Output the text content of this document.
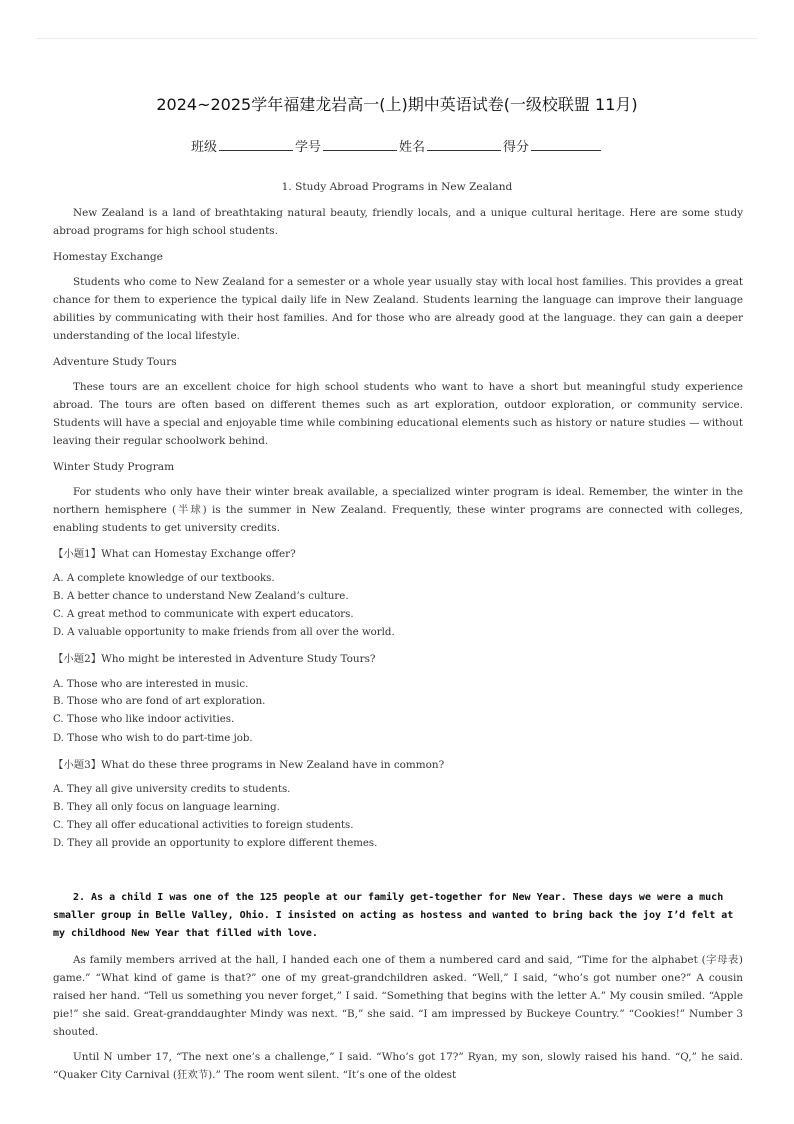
2024~2025学年福建龙岩高一(上)期中英语试卷(一级校联盟 11月)
班级	学号	姓名	得分
1. Study Abroad Programs in New Zealand
New Zealand is a land of breathtaking natural beauty, friendly locals, and a unique cultural heritage. Here are some study abroad programs for high school students.
Homestay Exchange
Students who come to New Zealand for a semester or a whole year usually stay with local host families. This provides a great chance for them to experience the typical daily life in New Zealand. Students learning the language can improve their language abilities by communicating with their host families. And for those who are already good at the language. they can gain a deeper understanding of the local lifestyle.
Adventure Study Tours
These tours are an excellent choice for high school students who want to have a short but meaningful study experience abroad. The tours are often based on different themes such as art exploration, outdoor exploration, or community service. Students will have a special and enjoyable time while combining educational elements such as history or nature studies — without leaving their regular schoolwork behind.
Winter Study Program
For students who only have their winter break available, a specialized winter program is ideal. Remember, the winter in the northern hemisphere (半球) is the summer in New Zealand. Frequently, these winter programs are connected with colleges, enabling students to get university credits.
【小题1】What can Homestay Exchange offer?
A. A complete knowledge of our textbooks.
B. A better chance to understand New Zealand’s culture.
C. A great method to communicate with expert educators.
D. A valuable opportunity to make friends from all over the world.
【小题2】Who might be interested in Adventure Study Tours?
A. Those who are interested in music.
B. Those who are fond of art exploration.
C. Those who like indoor activities.
D. Those who wish to do part-time job.
【小题3】What do these three programs in New Zealand have in common?
A. They all give university credits to students.
B. They all only focus on language learning.
C. They all offer educational activities to foreign students.
D. They all provide an opportunity to explore different themes.
2. As a child I was one of the 125 people at our family get-together for New Year. These days we were a much smaller group in Belle Valley, Ohio. I insisted on acting as hostess and wanted to bring back the joy I’d felt at my childhood New Year that filled with love.
As family members arrived at the hall, I handed each one of them a numbered card and said, “Time for the alphabet (字母表) game.” “What kind of game is that?” one of my great-grandchildren asked. “Well,” I said, “who’s got number one?” A cousin raised her hand. “Tell us something you never forget,” I said. “Something that begins with the letter A.” My cousin smiled. “Apple pie!” she said. Great-granddaughter Mindy was next. “B,” she said. “I am impressed by Buckeye Country.” “Cookies!” Number 3 shouted.
Until N umber 17, “The next one’s a challenge,” I said. “Who’s got 17?” Ryan, my son, slowly raised his hand. “Q,” he said. “Quaker City Carnival (狂欢节).” The room went silent. “It’s one of the oldest
